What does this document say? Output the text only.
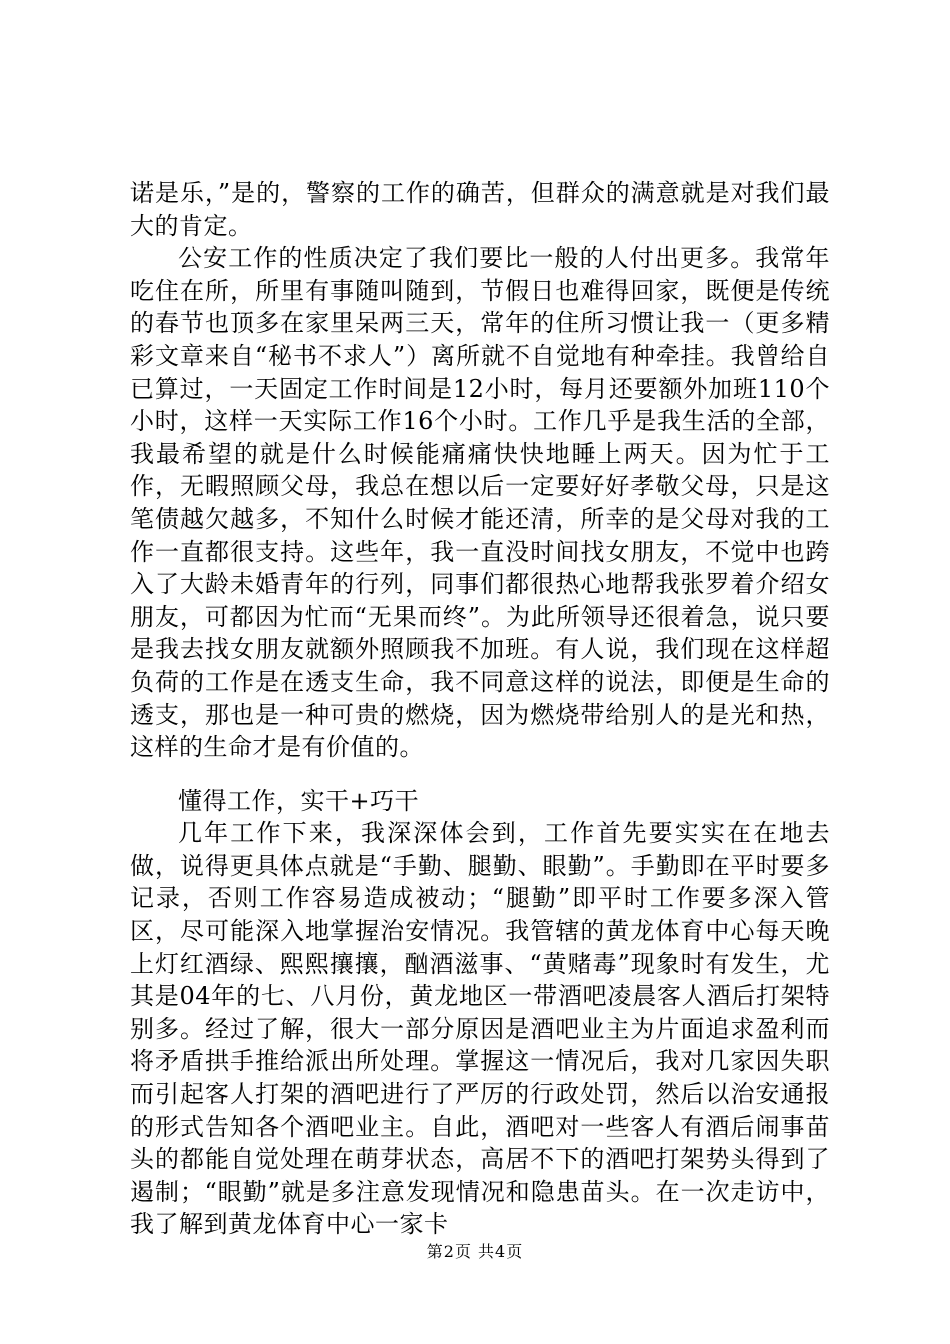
诺是乐，”是的，警察的工作的确苦，但群众的满意就是对我们最大的肯定。

公安工作的性质决定了我们要比一般的人付出更多。我常年吃住在所，所里有事随叫随到，节假日也难得回家，既便是传统的春节也顶多在家里呆两三天，常年的住所习惯让我一（更多精彩文章来自“秘书不求人”）离所就不自觉地有种牵挂。我曾给自已算过，一天固定工作时间是12小时，每月还要额外加班110个小时，这样一天实际工作16个小时。工作几乎是我生活的全部，我最希望的就是什么时候能痛痛快快地睡上两天。因为忙于工作，无暇照顾父母，我总在想以后一定要好好孝敬父母，只是这笔债越欠越多，不知什么时候才能还清，所幸的是父母对我的工作一直都很支持。这些年，我一直没时间找女朋友，不觉中也跨入了大龄未婚青年的行列，同事们都很热心地帮我张罗着介绍女朋友，可都因为忙而“无果而终”。为此所领导还很着急，说只要是我去找女朋友就额外照顾我不加班。有人说，我们现在这样超负荷的工作是在透支生命，我不同意这样的说法，即便是生命的透支，那也是一种可贵的燃烧，因为燃烧带给别人的是光和热，这样的生命才是有价值的。

懂得工作，实干+巧干

几年工作下来，我深深体会到，工作首先要实实在在地去做，说得更具体点就是“手勤、腿勤、眼勤”。手勤即在平时要多记录，否则工作容易造成被动；“腿勤”即平时工作要多深入管区，尽可能深入地掌握治安情况。我管辖的黄龙体育中心每天晚上灯红酒绿、熙熙攘攘，酗酒滋事、“黄赌毒”现象时有发生，尤其是04年的七、八月份，黄龙地区一带酒吧凌晨客人酒后打架特别多。经过了解，很大一部分原因是酒吧业主为片面追求盈利而将矛盾拱手推给派出所处理。掌握这一情况后，我对几家因失职而引起客人打架的酒吧进行了严厉的行政处罚，然后以治安通报的形式告知各个酒吧业主。自此，酒吧对一些客人有酒后闹事苗头的都能自觉处理在萌芽状态，高居不下的酒吧打架势头得到了遏制；“眼勤”就是多注意发现情况和隐患苗头。在一次走访中，我了解到黄龙体育中心一家卡

第2页 共4页
